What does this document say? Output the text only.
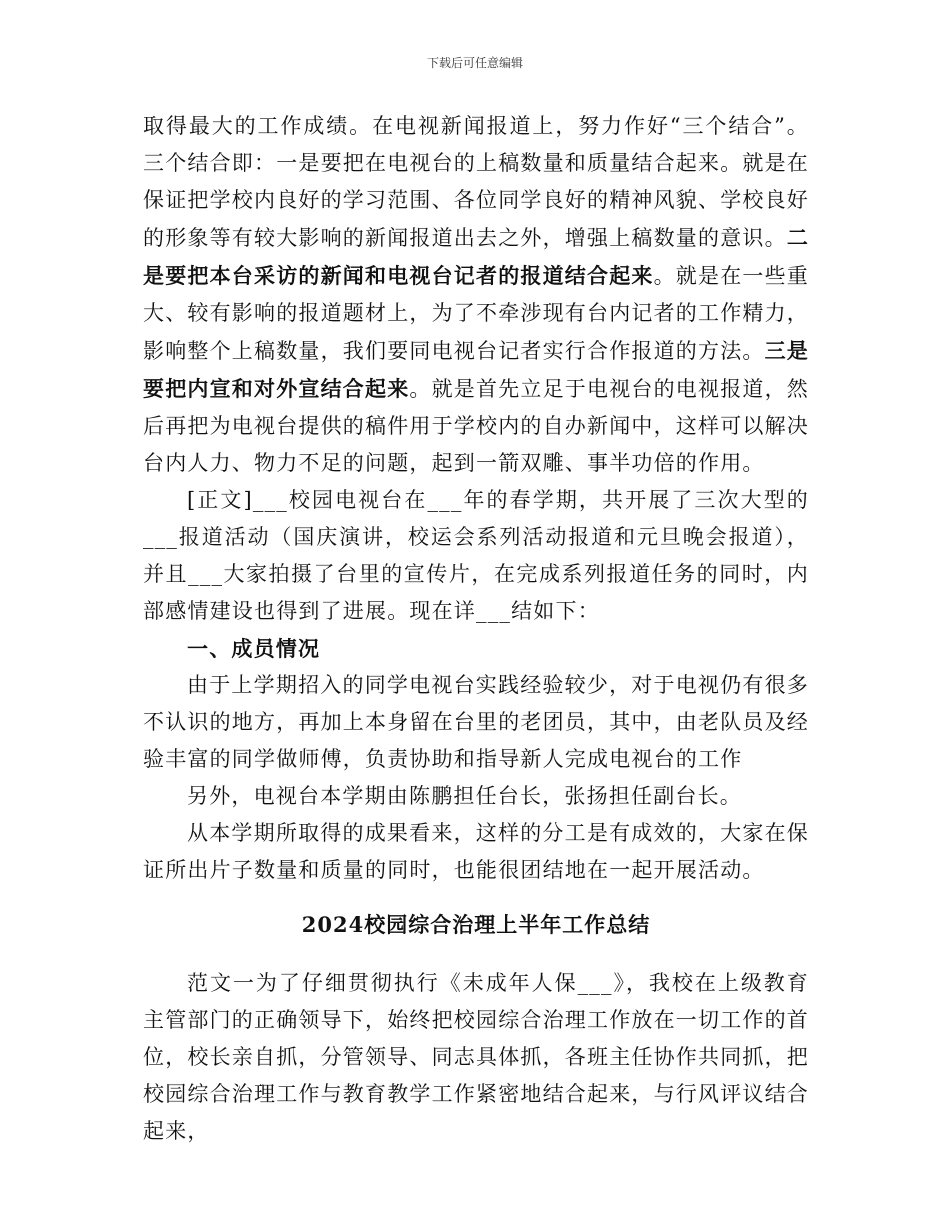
下载后可任意编辑

取得最大的工作成绩。在电视新闻报道上，努力作好“三个结合”。三个结合即：一是要把在电视台的上稿数量和质量结合起来。就是在保证把学校内良好的学习范围、各位同学良好的精神风貌、学校良好的形象等有较大影响的新闻报道出去之外，增强上稿数量的意识。二是要把本台采访的新闻和电视台记者的报道结合起来。就是在一些重大、较有影响的报道题材上，为了不牵涉现有台内记者的工作精力，影响整个上稿数量，我们要同电视台记者实行合作报道的方法。三是要把内宣和对外宣结合起来。就是首先立足于电视台的电视报道，然后再把为电视台提供的稿件用于学校内的自办新闻中，这样可以解决台内人力、物力不足的问题，起到一箭双雕、事半功倍的作用。

[正文]___校园电视台在___年的春学期，共开展了三次大型的___报道活动（国庆演讲，校运会系列活动报道和元旦晚会报道），并且___大家拍摄了台里的宣传片，在完成系列报道任务的同时，内部感情建设也得到了进展。现在详___结如下：

一、成员情况

由于上学期招入的同学电视台实践经验较少，对于电视仍有很多不认识的地方，再加上本身留在台里的老团员，其中，由老队员及经验丰富的同学做师傅，负责协助和指导新人完成电视台的工作

另外，电视台本学期由陈鹏担任台长，张扬担任副台长。

从本学期所取得的成果看来，这样的分工是有成效的，大家在保证所出片子数量和质量的同时，也能很团结地在一起开展活动。

2024校园综合治理上半年工作总结

范文一为了仔细贯彻执行《未成年人保___》，我校在上级教育主管部门的正确领导下，始终把校园综合治理工作放在一切工作的首位，校长亲自抓，分管领导、同志具体抓，各班主任协作共同抓，把校园综合治理工作与教育教学工作紧密地结合起来，与行风评议结合起来，
